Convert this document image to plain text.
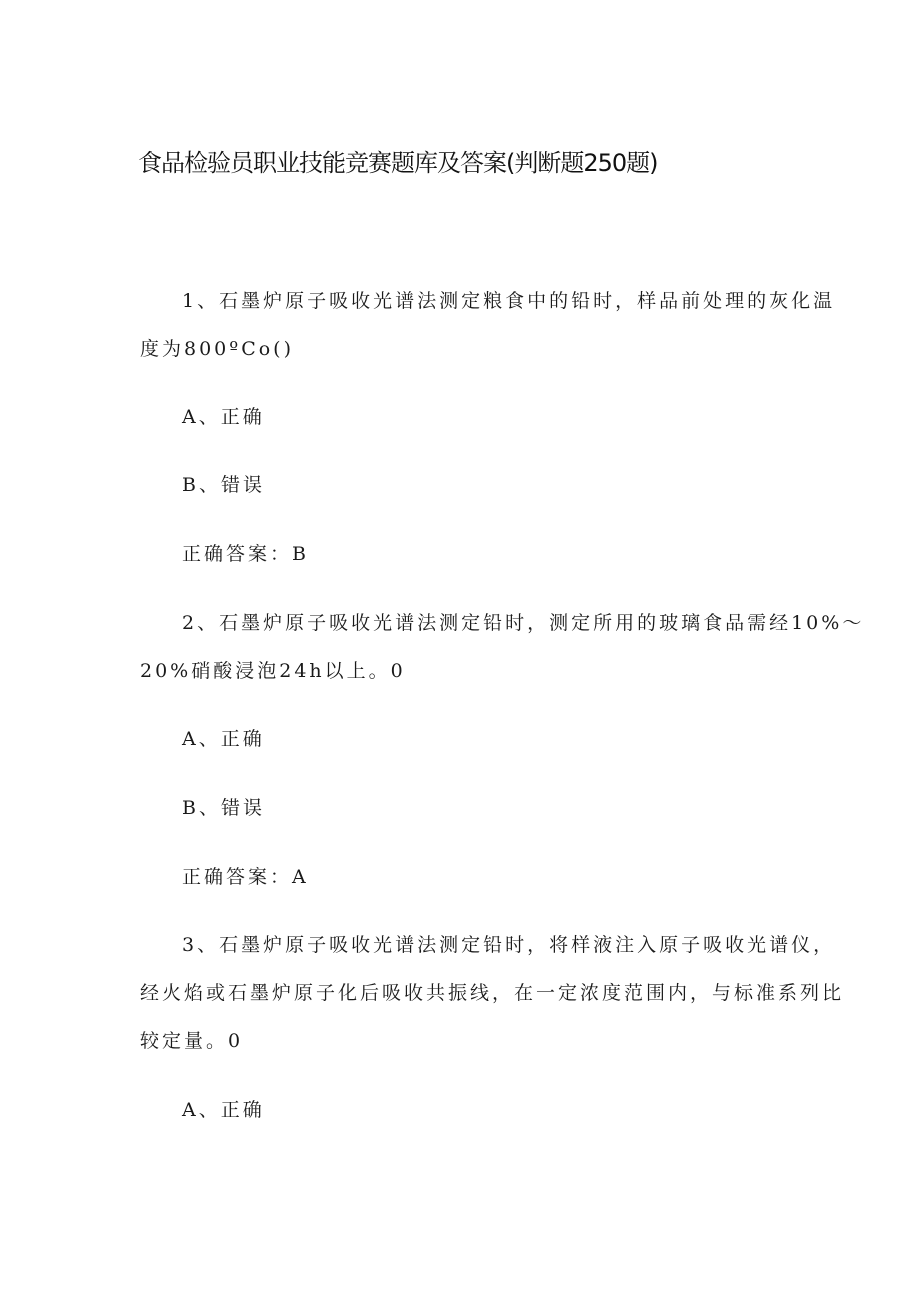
食品检验员职业技能竞赛题库及答案(判断题250题)
1、石墨炉原子吸收光谱法测定粮食中的铅时，样品前处理的灰化温
度为800ºCo()
A、正确
B、错误
正确答案：B
2、石墨炉原子吸收光谱法测定铅时，测定所用的玻璃食品需经10%～
20%硝酸浸泡24h以上。0
A、正确
B、错误
正确答案：A
3、石墨炉原子吸收光谱法测定铅时，将样液注入原子吸收光谱仪，
经火焰或石墨炉原子化后吸收共振线，在一定浓度范围内，与标准系列比
较定量。0
A、正确
